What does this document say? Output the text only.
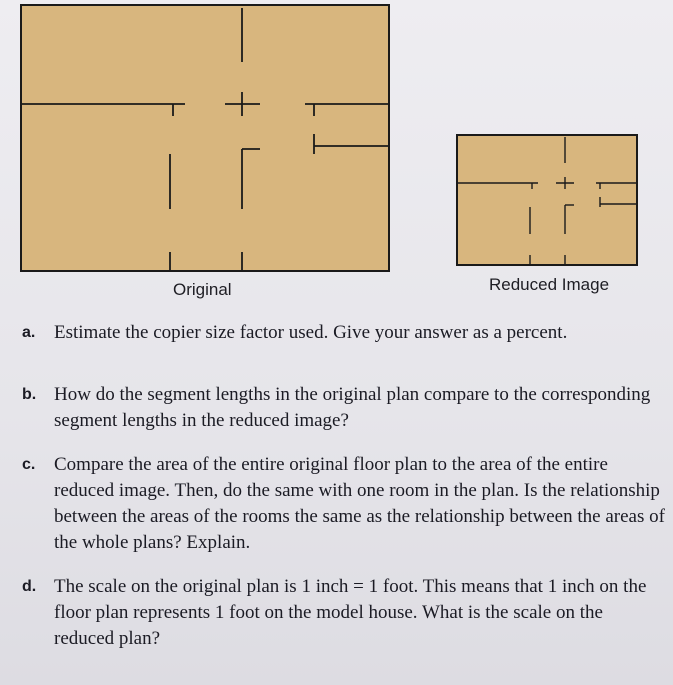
Original	Reduced Image
a. Estimate the copier size factor used. Give your answer as a percent.
b. How do the segment lengths in the original plan compare to the corresponding segment lengths in the reduced image?
c. Compare the area of the entire original floor plan to the area of the entire reduced image. Then, do the same with one room in the plan. Is the relationship between the areas of the rooms the same as the relationship between the areas of the whole plans? Explain.
d. The scale on the original plan is 1 inch = 1 foot. This means that 1 inch on the floor plan represents 1 foot on the model house. What is the scale on the reduced plan?
